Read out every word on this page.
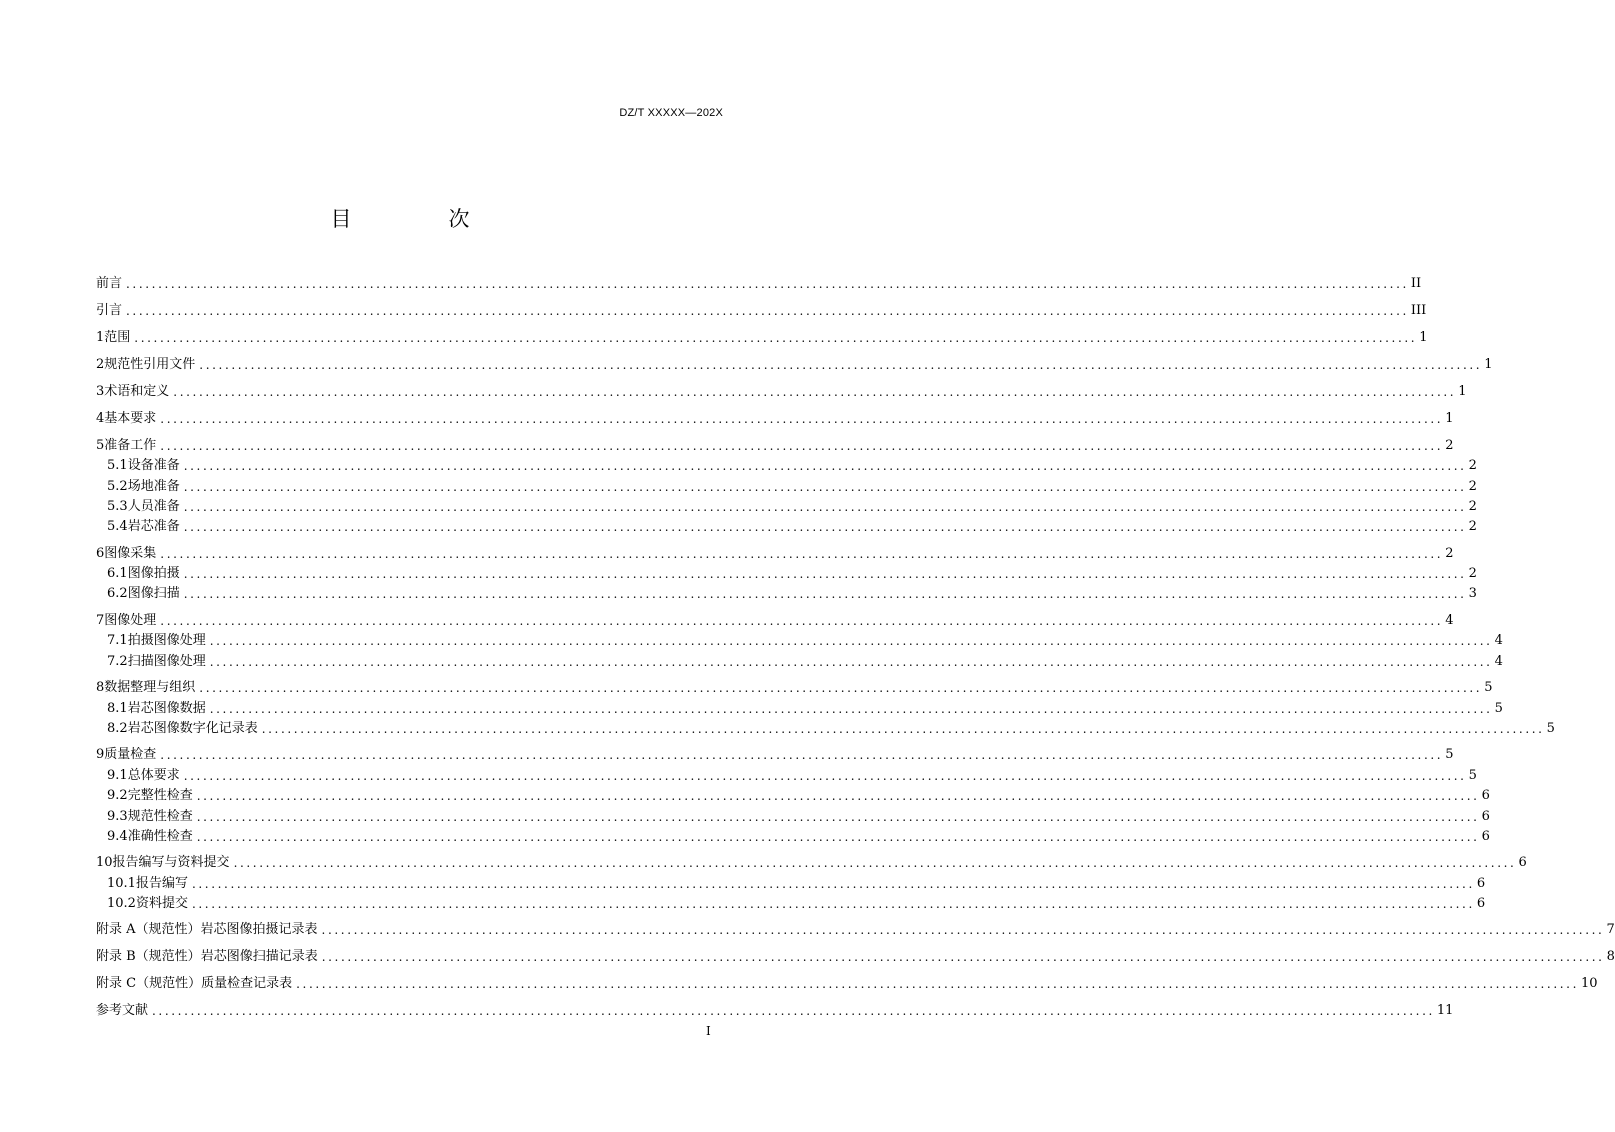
DZ/T XXXXX—202X
目　次
前言 ........................................................................................................................................................................................................ II
引言 ........................................................................................................................................................................................................ III
1 范围 ........................................................................................................................................................................................................ 1
2 规范性引用文件 ........................................................................................................................................................................................................ 1
3 术语和定义 ........................................................................................................................................................................................................ 1
4 基本要求 ........................................................................................................................................................................................................ 1
5 准备工作 ........................................................................................................................................................................................................ 2
5.1 设备准备 ........................................................................................................................................................................................................ 2
5.2 场地准备 ........................................................................................................................................................................................................ 2
5.3 人员准备 ........................................................................................................................................................................................................ 2
5.4 岩芯准备 ........................................................................................................................................................................................................ 2
6 图像采集 ........................................................................................................................................................................................................ 2
6.1 图像拍摄 ........................................................................................................................................................................................................ 2
6.2 图像扫描 ........................................................................................................................................................................................................ 3
7 图像处理 ........................................................................................................................................................................................................ 4
7.1 拍摄图像处理 ........................................................................................................................................................................................................ 4
7.2 扫描图像处理 ........................................................................................................................................................................................................ 4
8 数据整理与组织 ........................................................................................................................................................................................................ 5
8.1 岩芯图像数据 ........................................................................................................................................................................................................ 5
8.2 岩芯图像数字化记录表 ........................................................................................................................................................................................................ 5
9 质量检查 ........................................................................................................................................................................................................ 5
9.1 总体要求 ........................................................................................................................................................................................................ 5
9.2 完整性检查 ........................................................................................................................................................................................................ 6
9.3 规范性检查 ........................................................................................................................................................................................................ 6
9.4 准确性检查 ........................................................................................................................................................................................................ 6
10 报告编写与资料提交 ........................................................................................................................................................................................................ 6
10.1 报告编写 ........................................................................................................................................................................................................ 6
10.2 资料提交 ........................................................................................................................................................................................................ 6
附录 A（规范性） 岩芯图像拍摄记录表 ........................................................................................................................................................................................................ 7
附录 B（规范性） 岩芯图像扫描记录表 ........................................................................................................................................................................................................ 8
附录 C（规范性） 质量检查记录表 ........................................................................................................................................................................................................ 10
参考文献 ........................................................................................................................................................................................................ 11
I
